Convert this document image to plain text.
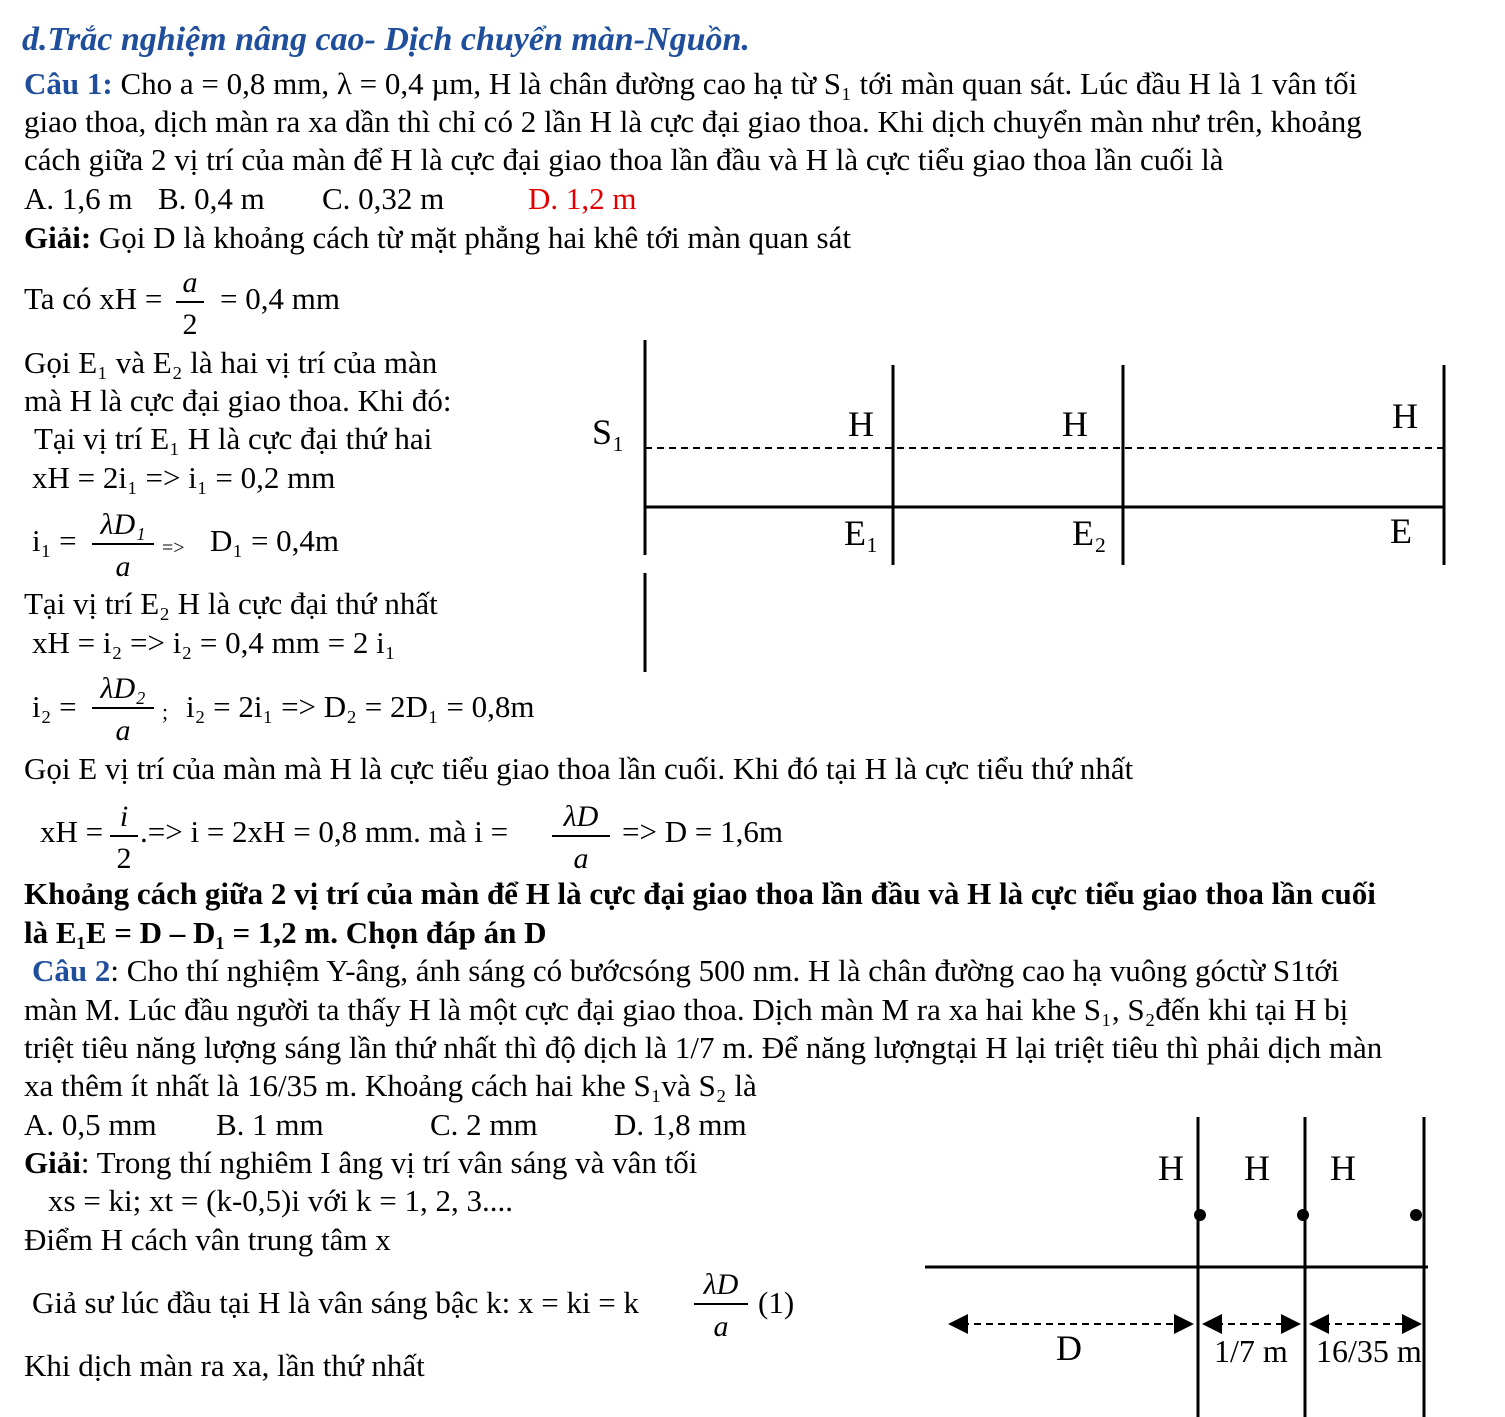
d.Trắc nghiệm nâng cao- Dịch chuyển màn-Nguồn.
Câu 1: Cho a = 0,8 mm, λ = 0,4 µm, H là chân đường cao hạ từ S₁ tới màn quan sát. Lúc đầu H là 1 vân tối
giao thoa, dịch màn ra xa dần thì chỉ có 2 lần H là cực đại giao thoa. Khi dịch chuyển màn như trên, khoảng
cách giữa 2 vị trí của màn để H là cực đại giao thoa lần đầu và H là cực tiểu giao thoa lần cuối là
A. 1,6 m B. 0,4 m C. 0,32 m	D. 1,2 m
Giải: Gọi D là khoảng cách từ mặt phẳng hai khê tới màn quan sát
Ta có xH = a
2
= 0,4 mm
Gọi E₁ và E₂ là hai vị trí của màn
mà H là cực đại giao thoa. Khi đó:
Tại vị trí E₁ H là cực đại thứ hai
xH = 2i₁ => i₁ = 0,2 mm
i₁ = λD₁
a
=> D₁ = 0,4m
Tại vị trí E₂ H là cực đại thứ nhất
xH = i₂ => i₂ = 0,4 mm = 2 i₁
i₂ =
λD₂
a
; i₂ = 2i₁ => D₂ = 2D₁ = 0,8m
Gọi E vị trí của màn mà H là cực tiểu giao thoa lần cuối. Khi đó tại H là cực tiểu thứ nhất
xH = i
2
.=> i = 2xH = 0,8 mm. mà i =	λD
a
=> D = 1,6m
Khoảng cách giữa 2 vị trí của màn để H là cực đại giao thoa lần đầu và H là cực tiểu giao thoa lần cuối
là E₁E = D – D₁ = 1,2 m. Chọn đáp án D
Câu 2: Cho thí nghiệm Y-âng, ánh sáng có bướcsóng 500 nm. H là chân đường cao hạ vuông góctừ S1tới
màn M. Lúc đầu người ta thấy H là một cực đại giao thoa. Dịch màn M ra xa hai khe S₁, S₂đến khi tại H bị
triệt tiêu năng lượng sáng lần thứ nhất thì độ dịch là 1/7 m. Để năng lượngtại H lại triệt tiêu thì phải dịch màn
xa thêm ít nhất là 16/35 m. Khoảng cách hai khe S₁và S₂ là
A. 0,5 mm B. 1 mm	C. 2 mm D. 1,8 mm
Giải: Trong thí nghiêm I âng vị trí vân sáng và vân tối
xs = ki; xt = (k-0,5)i với k = 1, 2, 3....
Điểm H cách vân trung tâm x
Giả sư lúc đầu tại H là vân sáng bậc k: x = ki = k
λD
a
(1)
Khi dịch màn ra xa, lần thứ nhất
S₁	H	H	H
E₁	E₂	E
H H H
D	1/7 m 16/35 m
